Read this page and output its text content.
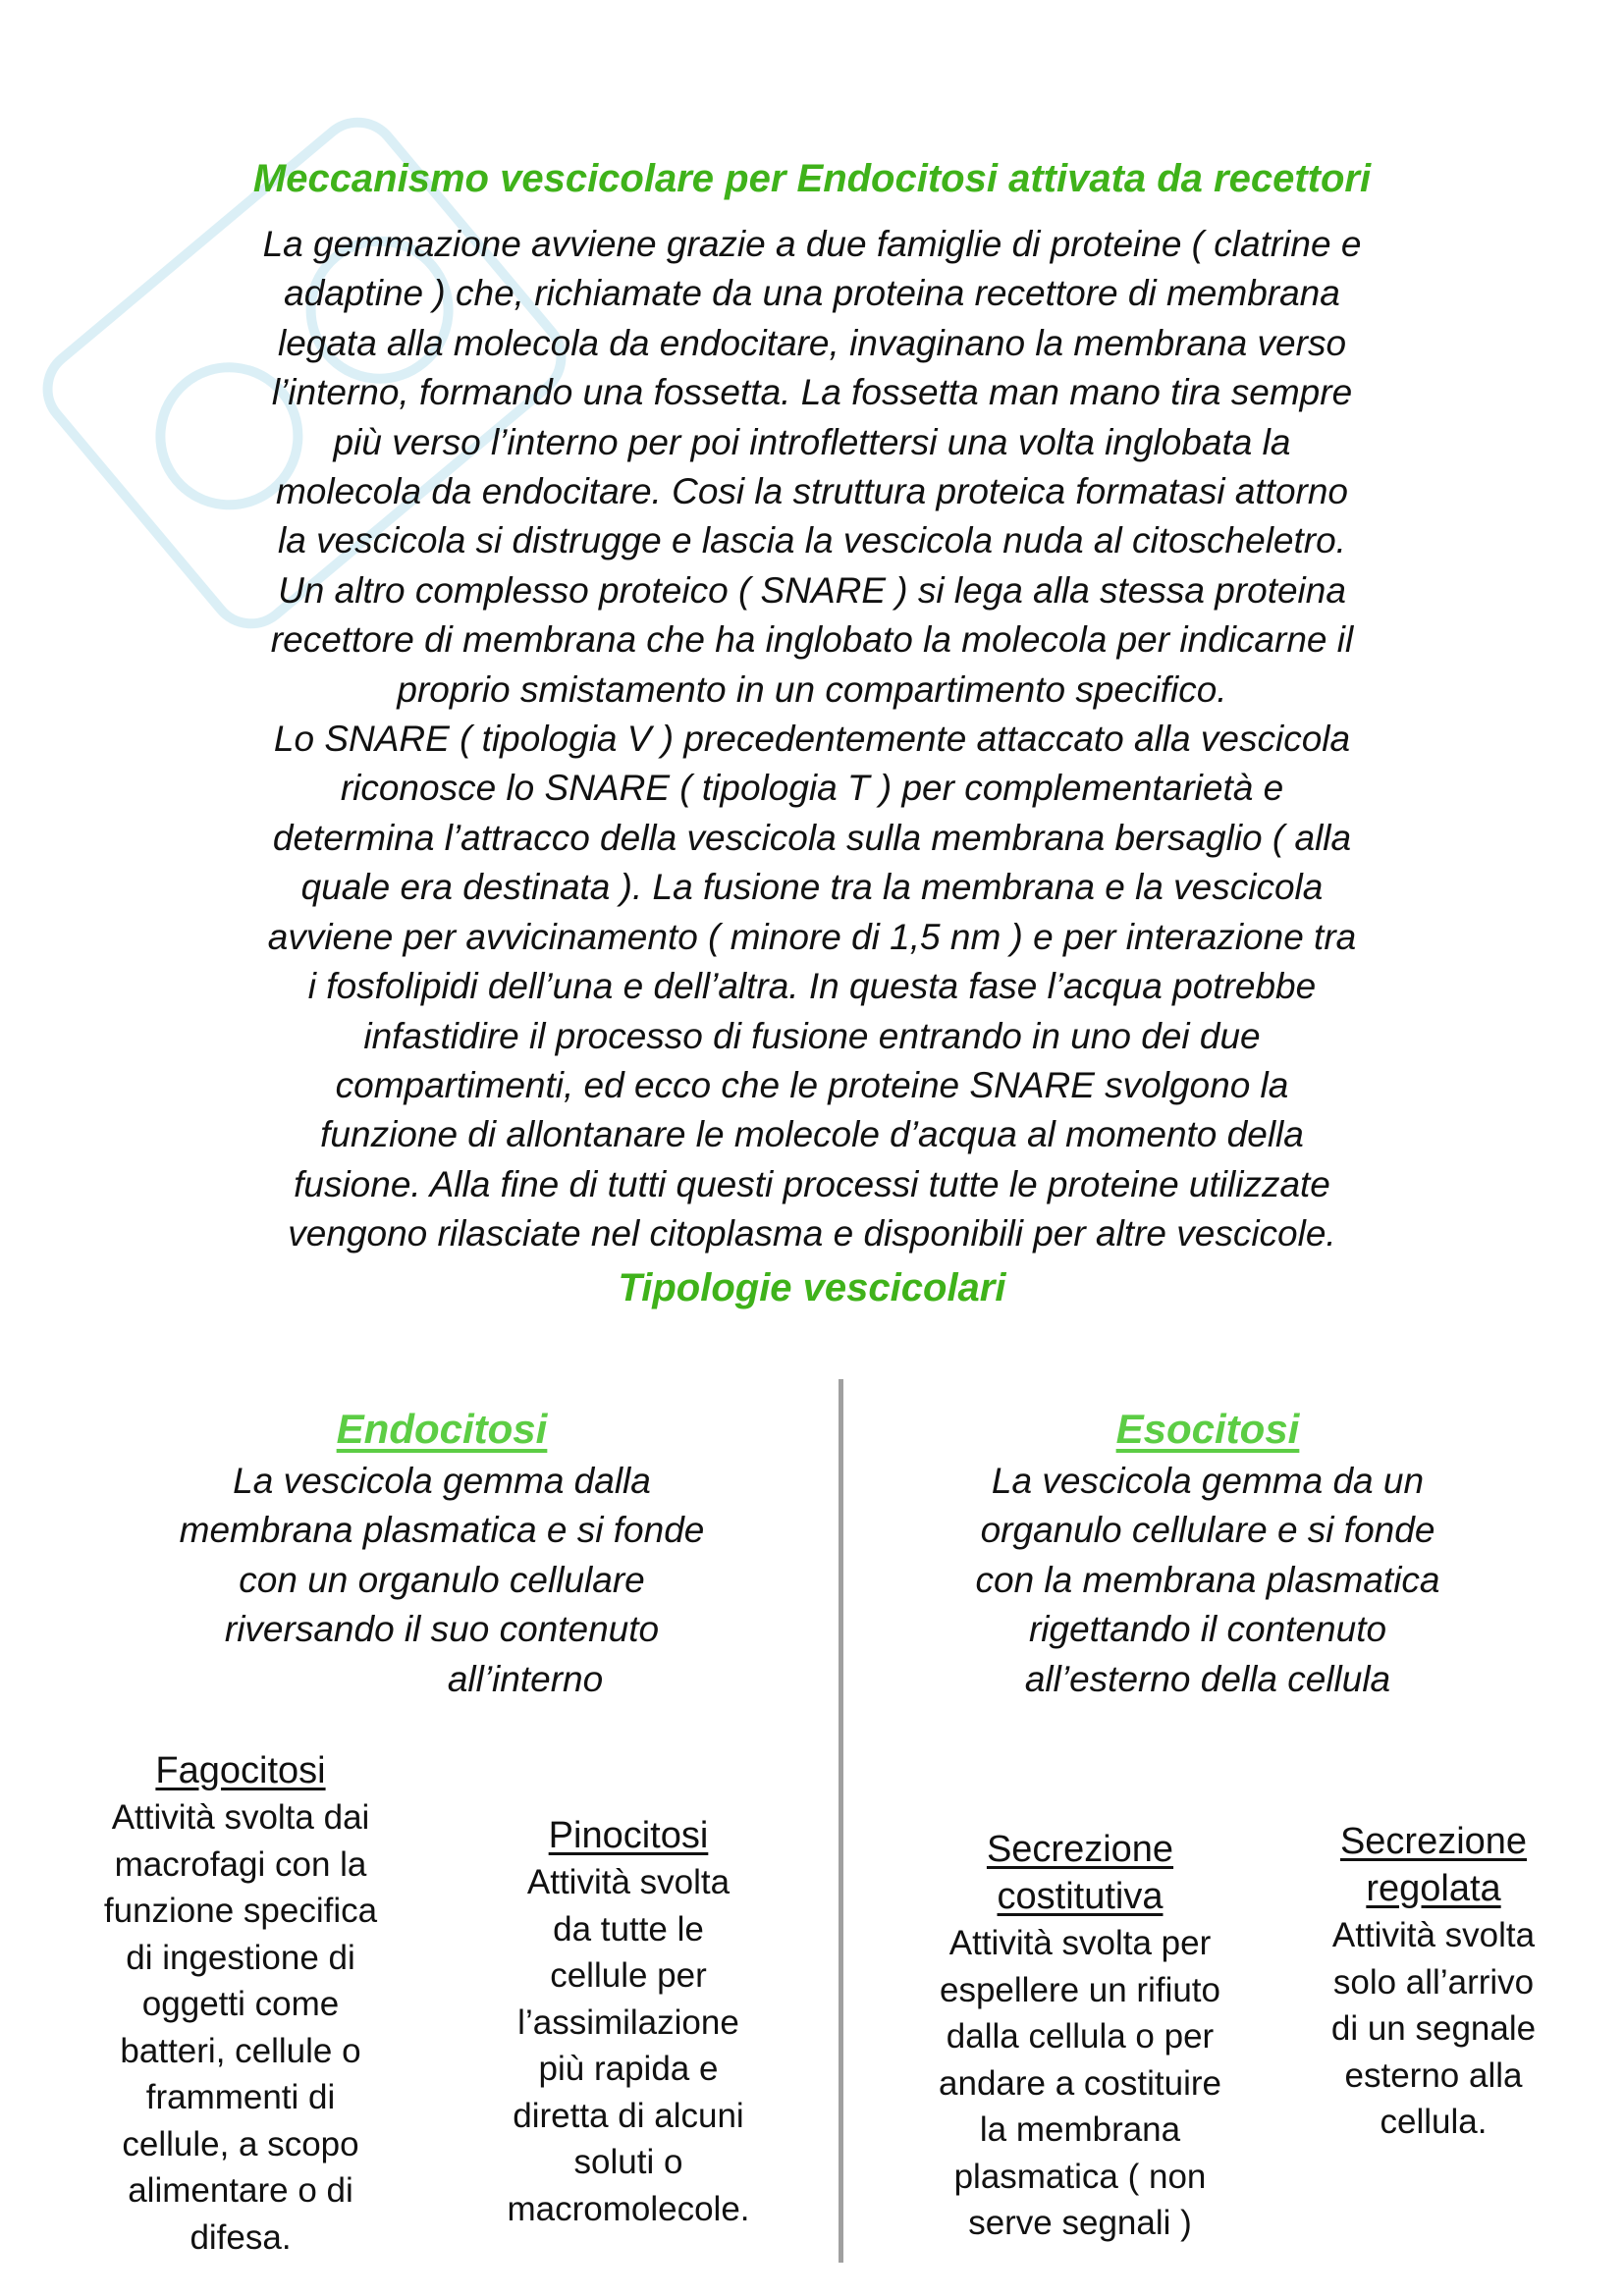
Meccanismo vescicolare per Endocitosi attivata da recettori
La gemmazione avviene grazie a due famiglie di proteine ( clatrine e
adaptine ) che, richiamate da una proteina recettore di membrana
legata alla molecola da endocitare, invaginano la membrana verso
l’interno, formando una fossetta. La fossetta man mano tira sempre
più verso l’interno per poi introflettersi una volta inglobata la
molecola da endocitare. Cosi la struttura proteica formatasi attorno
la vescicola si distrugge e lascia la vescicola nuda al citoscheletro.
Un altro complesso proteico ( SNARE ) si lega alla stessa proteina
recettore di membrana che ha inglobato la molecola per indicarne il
proprio smistamento in un compartimento specifico.
Lo SNARE ( tipologia V ) precedentemente attaccato alla vescicola
riconosce lo SNARE ( tipologia T ) per complementarietà e
determina l’attracco della vescicola sulla membrana bersaglio ( alla
quale era destinata ). La fusione tra la membrana e la vescicola
avviene per avvicinamento ( minore di 1,5 nm ) e per interazione tra
i fosfolipidi dell’una e dell’altra. In questa fase l’acqua potrebbe
infastidire il processo di fusione entrando in uno dei due
compartimenti, ed ecco che le proteine SNARE svolgono la
funzione di allontanare le molecole d’acqua al momento della
fusione. Alla fine di tutti questi processi tutte le proteine utilizzate
vengono rilasciate nel citoplasma e disponibili per altre vescicole.
Tipologie vescicolari
Endocitosi
La vescicola gemma dalla
membrana plasmatica e si fonde
con un organulo cellulare
riversando il suo contenuto
all’interno
Fagocitosi
Attività svolta dai
macrofagi con la
funzione specifica
di ingestione di
oggetti come
batteri, cellule o
frammenti di
cellule, a scopo
alimentare o di
difesa.
Pinocitosi
Attività svolta
da tutte le
cellule per
l’assimilazione
più rapida e
diretta di alcuni
soluti o
macromolecole.
Esocitosi
La vescicola gemma da un
organulo cellulare e si fonde
con la membrana plasmatica
rigettando il contenuto
all’esterno della cellula
Secrezione
costitutiva
Attività svolta per
espellere un rifiuto
dalla cellula o per
andare a costituire
la membrana
plasmatica ( non
serve segnali )
Secrezione
regolata
Attività svolta
solo all’arrivo
di un segnale
esterno alla
cellula.
